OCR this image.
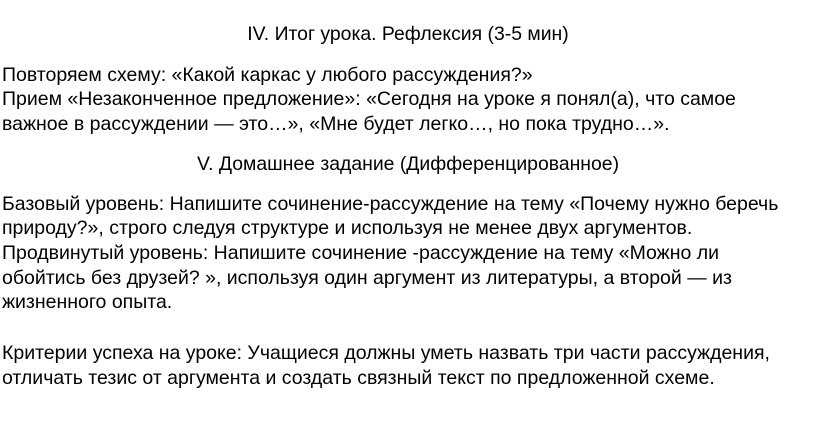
IV. Итог урока. Рефлексия (3-5 мин)
Повторяем схему: «Какой каркас у любого рассуждения?»
Прием «Незаконченное предложение»: «Сегодня на уроке я понял(а), что самое
важное в рассуждении — это…», «Мне будет легко…, но пока трудно…».
V. Домашнее задание (Дифференцированное)
Базовый уровень: Напишите сочинение-рассуждение на тему «Почему нужно беречь
природу?», строго следуя структуре и используя не менее двух аргументов.
Продвинутый уровень: Напишите сочинение -рассуждение на тему «Можно ли
обойтись без друзей? », используя один аргумент из литературы, а второй — из
жизненного опыта.
Критерии успеха на уроке: Учащиеся должны уметь назвать три части рассуждения,
отличать тезис от аргумента и создать связный текст по предложенной схеме.
